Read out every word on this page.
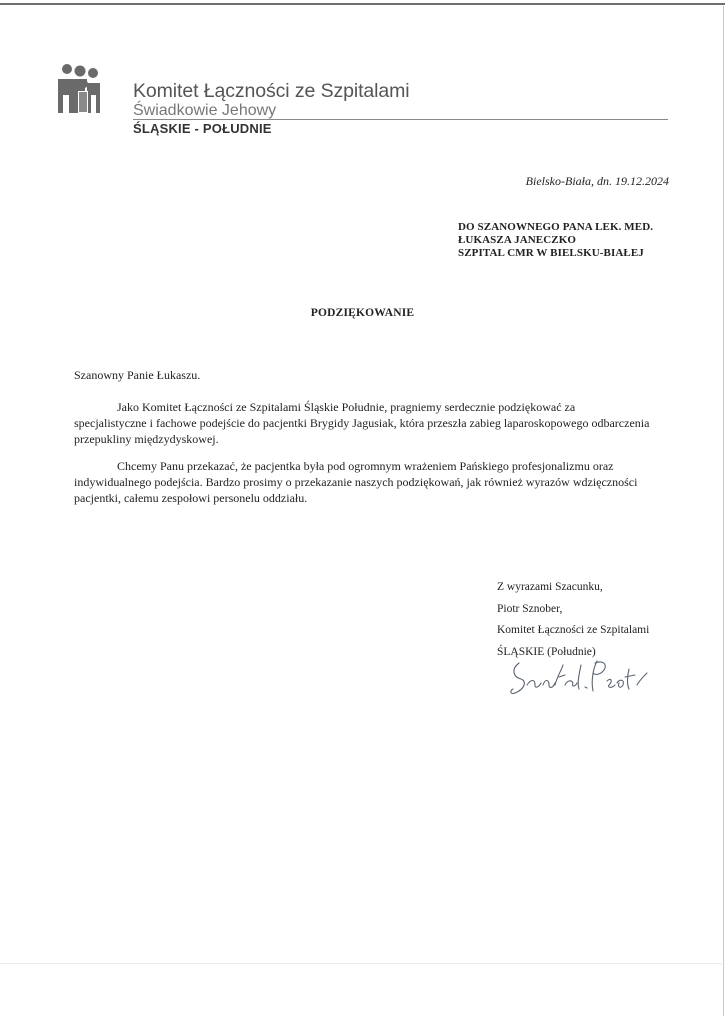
Komitet Łączności ze Szpitalami
Świadkowie Jehowy
ŚLĄSKIE - POŁUDNIE
Bielsko-Biała, dn. 19.12.2024
DO SZANOWNEGO PANA LEK. MED.
ŁUKASZA JANECZKO
SZPITAL CMR W BIELSKU-BIAŁEJ
PODZIĘKOWANIE
Szanowny Panie Łukaszu.
Jako Komitet Łączności ze Szpitalami Śląskie Południe, pragniemy serdecznie podziękować za specjalistyczne i fachowe podejście do pacjentki Brygidy Jagusiak, która przeszła zabieg laparoskopowego odbarczenia przepukliny międzydyskowej.
Chcemy Panu przekazać, że pacjentka była pod ogromnym wrażeniem Pańskiego profesjonalizmu oraz indywidualnego podejścia. Bardzo prosimy o przekazanie naszych podziękowań, jak również wyrazów wdzięczności pacjentki, całemu zespołowi personelu oddziału.
Z wyrazami Szacunku,
Piotr Sznober,
Komitet Łączności ze Szpitalami
ŚLĄSKIE (Południe)
